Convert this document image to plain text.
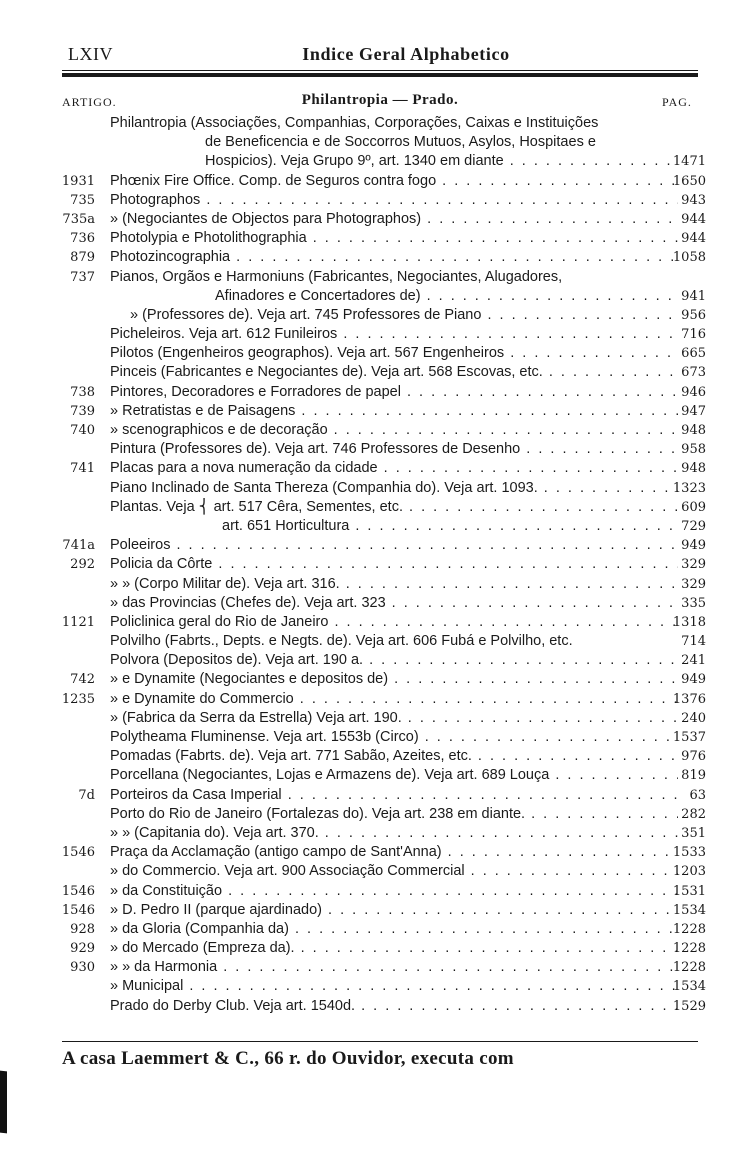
LXIV	Indice Geral Alphabetico
ARTIGO.	Philantropia — Prado.	PAG.
Philantropia (Associações, Companhias, Corporações, Caixas e Instituições
de Beneficencia e de Soccorros Mutuos, Asylos, Hospitaes e
Hospicios). Veja Grupo 9º, art. 1340 em diante . . .	1471
1931 Phœnix Fire Office. Comp. de Seguros contra fogo . . .	1650
735 Photographos . . .	943
735a » (Negociantes de Objectos para Photographos) . . .	944
736 Photolypia e Photolithographia . . .	944
879 Photozincographia . . .	1058
737 Pianos, Orgãos e Harmoniuns (Fabricantes, Negociantes, Alugadores,
Afinadores e Concertadores de) . . .	941
» (Professores de). Veja art. 745 Professores de Piano . . .	956
Picheleiros. Veja art. 612 Funileiros . . .	716
Pilotos (Engenheiros geographos). Veja art. 567 Engenheiros . . .	665
Pinceis (Fabricantes e Negociantes de). Veja art. 568 Escovas, etc. . . .	673
738 Pintores, Decoradores e Forradores de papel . . .	946
739 » Retratistas e de Paisagens . . .	947
740 » scenographicos e de decoração . . .	948
Pintura (Professores de). Veja art. 746 Professores de Desenho . . .	958
741 Placas para a nova numeração da cidade . . .	948
Piano Inclinado de Santa Thereza (Companhia do). Veja art. 1093. . . .	1323
Plantas. Veja ⎨ art. 517 Cêra, Sementes, etc. . . .	609
art. 651 Horticultura . . .	729
741a Poleeiros . . .	949
292 Policia da Côrte . . .	329
» » (Corpo Militar de). Veja art. 316. . . .	329
» das Provincias (Chefes de). Veja art. 323 . . .	335
1121 Policlinica geral do Rio de Janeiro . . .	1318
Polvilho (Fabrts., Depts. e Negts. de). Veja art. 606 Fubá e Polvilho, etc.	714
Polvora (Depositos de). Veja art. 190 a. . . .	241
742 » e Dynamite (Negociantes e depositos de) . . .	949
1235 » e Dynamite do Commercio . . .	1376
» (Fabrica da Serra da Estrella) Veja art. 190. . . .	240
Polytheama Fluminense. Veja art. 1553b (Circo) . . .	1537
Pomadas (Fabrts. de). Veja art. 771 Sabão, Azeites, etc. . . .	976
Porcellana (Negociantes, Lojas e Armazens de). Veja art. 689 Louça . . .	819
7d Porteiros da Casa Imperial . . .	63
Porto do Rio de Janeiro (Fortalezas do). Veja art. 238 em diante. . . .	282
» » (Capitania do). Veja art. 370. . . .	351
1546 Praça da Acclamação (antigo campo de Sant'Anna) . . .	1533
» do Commercio. Veja art. 900 Associação Commercial . . .	1203
1546 » da Constituição . . .	1531
1546 » D. Pedro II (parque ajardinado) . . .	1534
928 » da Gloria (Companhia da) . . .	1228
929 » do Mercado (Empreza da). . . .	1228
930 » » da Harmonia . . .	1228
» Municipal . . .	1534
Prado do Derby Club. Veja art. 1540d. . . .	1529
A casa Laemmert & C., 66 r. do Ouvidor, executa com
